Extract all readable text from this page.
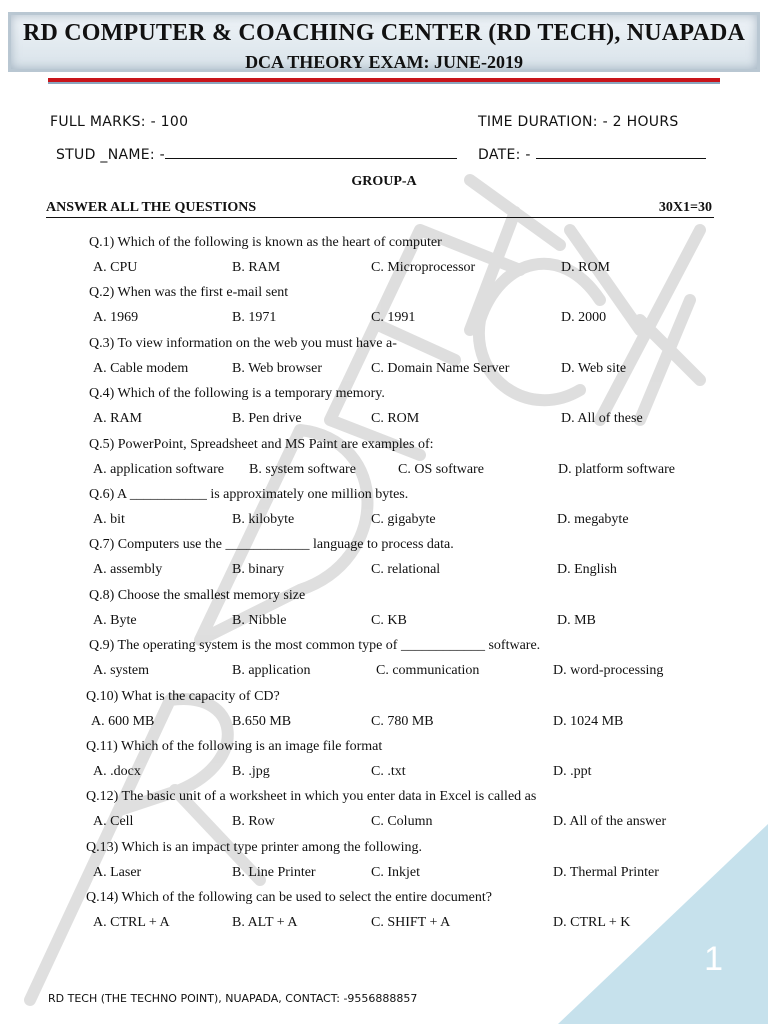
RD COMPUTER & COACHING CENTER (RD TECH), NUAPADA
DCA THEORY EXAM: JUNE-2019
FULL MARKS: - 100	TIME DURATION: - 2 HOURS
STUD _NAME: -	DATE: -
GROUP-A
ANSWER ALL THE QUESTIONS	30X1=30
Q.1) Which of the following is known as the heart of computer
A. CPU	B. RAM	C. Microprocessor	D. ROM
Q.2) When was the first e-mail sent
A. 1969	B. 1971	C. 1991	D. 2000
Q.3) To view information on the web you must have a-
A. Cable modem	B. Web browser	C. Domain Name Server	D. Web site
Q.4) Which of the following is a temporary memory.
A. RAM	B. Pen drive	C. ROM	D. All of these
Q.5) PowerPoint, Spreadsheet and MS Paint are examples of:
A. application software B. system software	C. OS software	D. platform software
Q.6) A ___________ is approximately one million bytes.
A. bit	B. kilobyte	C. gigabyte	D. megabyte
Q.7) Computers use the ____________ language to process data.
A. assembly	B. binary	C. relational	D. English
Q.8) Choose the smallest memory size
A. Byte	B. Nibble	C. KB	D. MB
Q.9) The operating system is the most common type of ____________ software.
A. system	B. application	C. communication	D. word-processing
Q.10) What is the capacity of CD?
A. 600 MB	B.650 MB	C. 780 MB	D. 1024 MB
Q.11) Which of the following is an image file format
A. .docx	B. .jpg	C. .txt	D. .ppt
Q.12) The basic unit of a worksheet in which you enter data in Excel is called as
A. Cell	B. Row	C. Column	D. All of the answer
Q.13) Which is an impact type printer among the following.
A. Laser	B. Line Printer	C. Inkjet	D. Thermal Printer
Q.14) Which of the following can be used to select the entire document?
A. CTRL + A	B. ALT + A	C. SHIFT + A	D. CTRL + K
1
RD TECH (THE TECHNO POINT), NUAPADA, CONTACT: -9556888857
